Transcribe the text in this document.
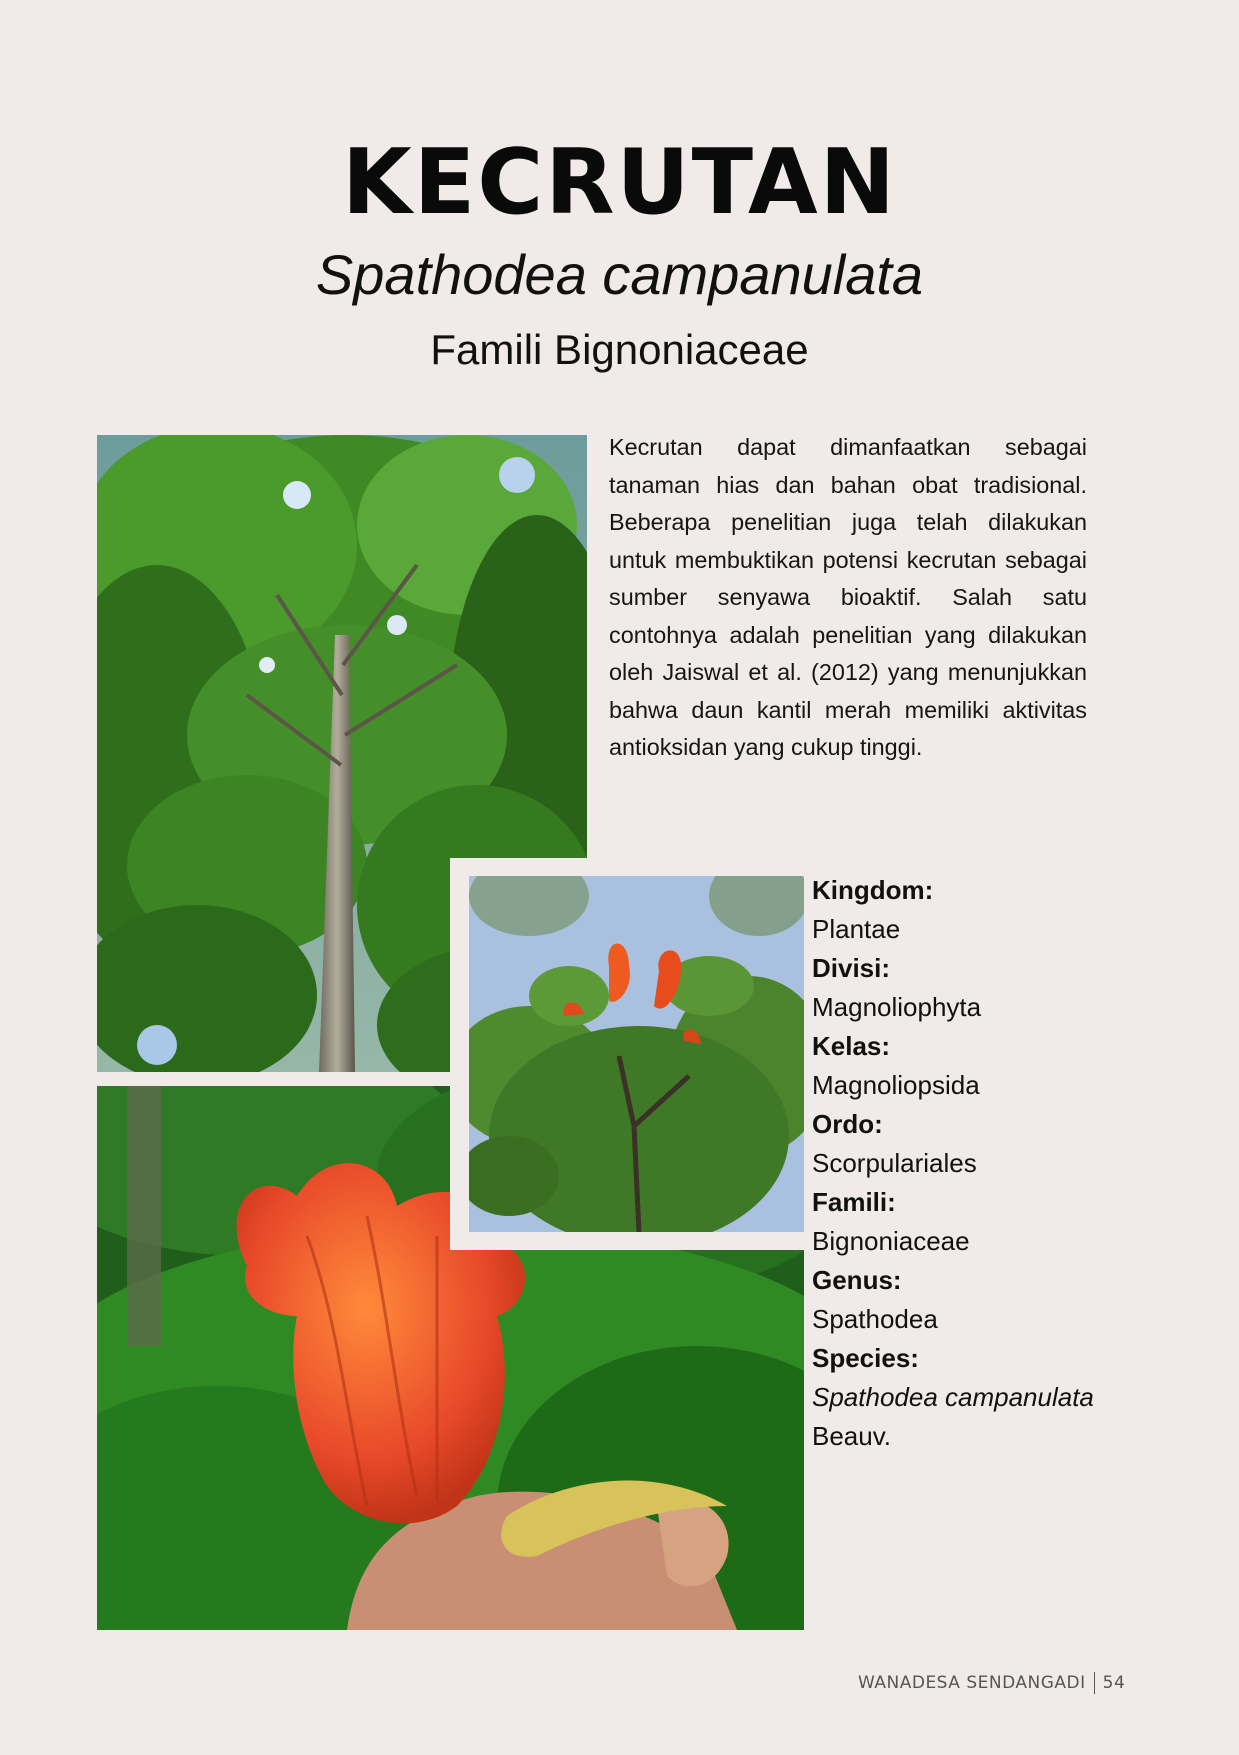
KECRUTAN
Spathodea campanulata
Famili Bignoniaceae

Kecrutan dapat dimanfaatkan sebagai tanaman hias dan bahan obat tradisional. Beberapa penelitian juga telah dilakukan untuk membuktikan potensi kecrutan sebagai sumber senyawa bioaktif. Salah satu contohnya adalah penelitian yang dilakukan oleh Jaiswal et al. (2012) yang menunjukkan bahwa daun kantil merah memiliki aktivitas antioksidan yang cukup tinggi.

Kingdom:
Plantae
Divisi:
Magnoliophyta
Kelas:
Magnoliopsida
Ordo:
Scorpulariales
Famili:
Bignoniaceae
Genus:
Spathodea
Species:
Spathodea campanulata Beauv.
WANADESA SENDANGADI 54
